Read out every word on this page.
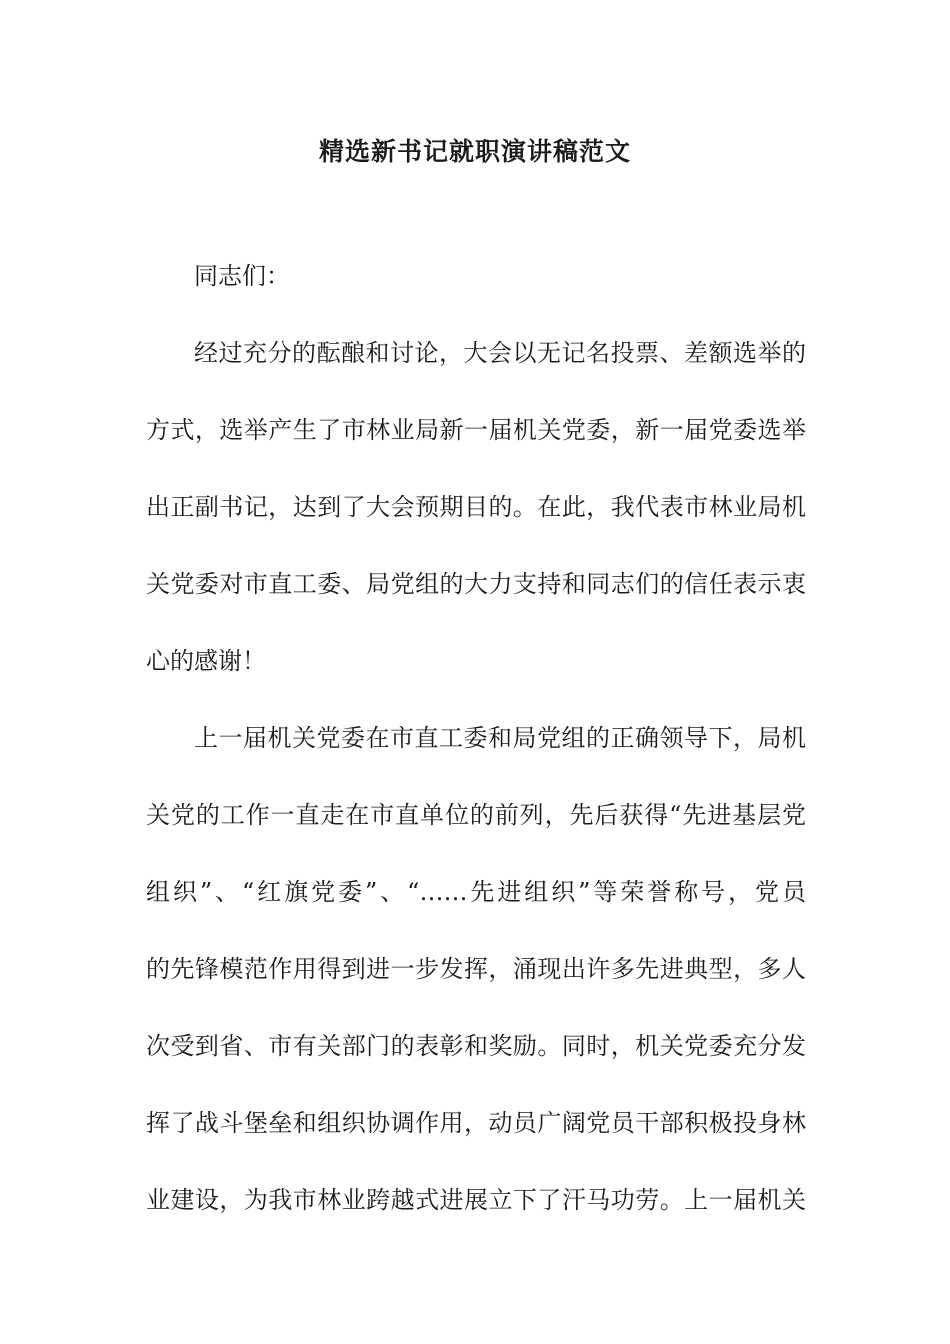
精选新书记就职演讲稿范文

同志们：

经过充分的酝酿和讨论，大会以无记名投票、差额选举的
方式，选举产生了市林业局新一届机关党委，新一届党委选举
出正副书记，达到了大会预期目的。在此，我代表市林业局机
关党委对市直工委、局党组的大力支持和同志们的信任表示衷
心的感谢！

上一届机关党委在市直工委和局党组的正确领导下，局机
关党的工作一直走在市直单位的前列，先后获得“先进基层党
组织”、“红旗党委”、“……先进组织”等荣誉称号，党员
的先锋模范作用得到进一步发挥，涌现出许多先进典型，多人
次受到省、市有关部门的表彰和奖励。同时，机关党委充分发
挥了战斗堡垒和组织协调作用，动员广阔党员干部积极投身林
业建设，为我市林业跨越式进展立下了汗马功劳。上一届机关
